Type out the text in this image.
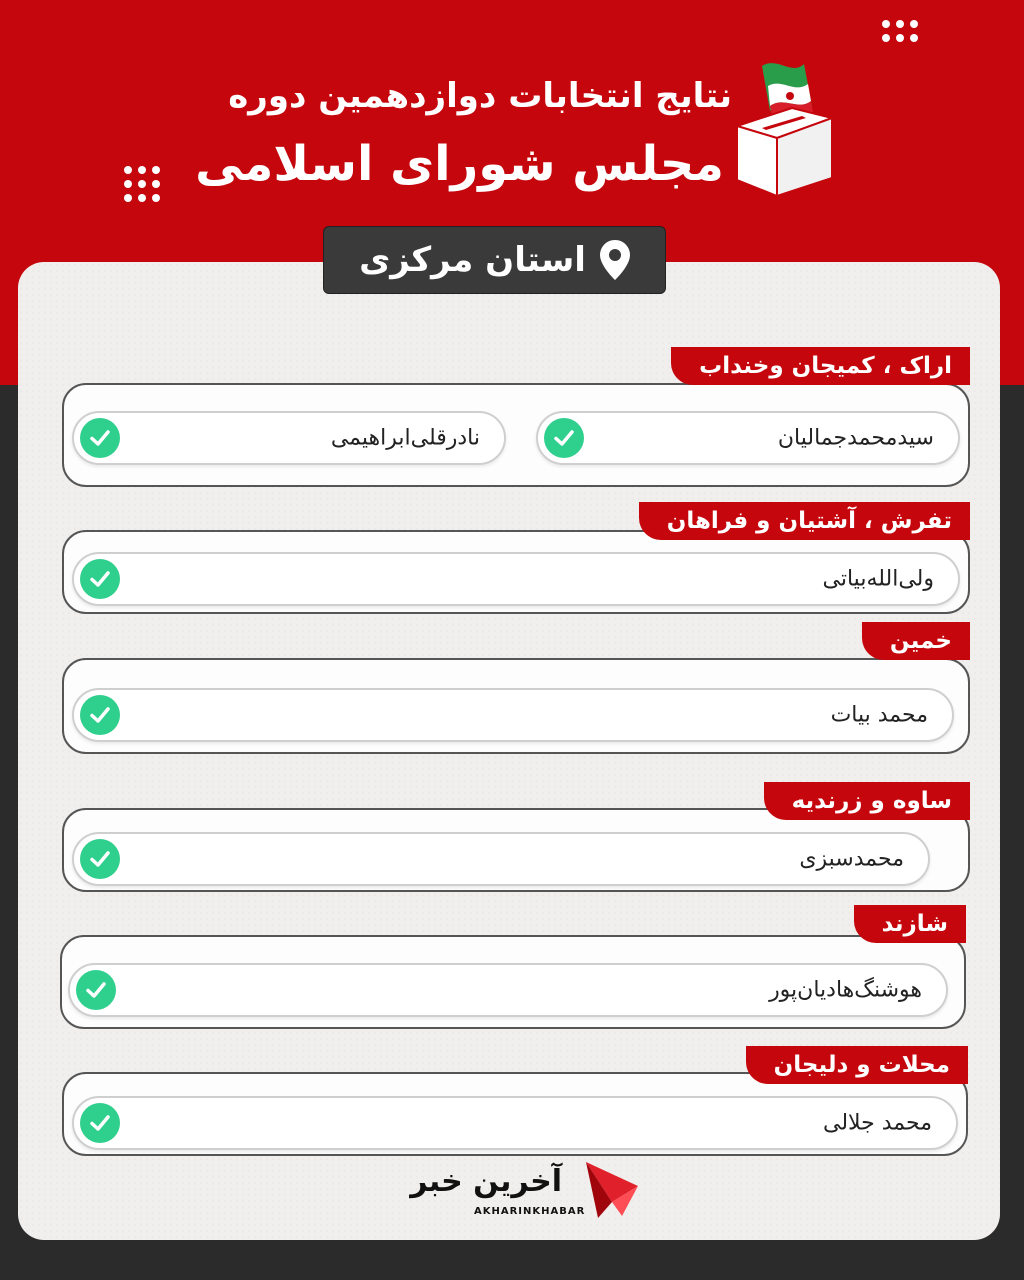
نتایج انتخابات دوازدهمین دوره
مجلس شورای اسلامی
استان مرکزی
سیدمحمدجمالیان
نادرقلی‌ابراهیمی
اراک ، کمیجان وخنداب
ولی‌الله‌بیاتی
تفرش ، آشتیان و فراهان
محمد بیات
خمین
محمدسبزی
ساوه و زرندیه
هوشنگ‌هادیان‌پور
شازند
محمد جلالی
محلات و دلیجان
آخرین خبر
AKHARINKHABAR
